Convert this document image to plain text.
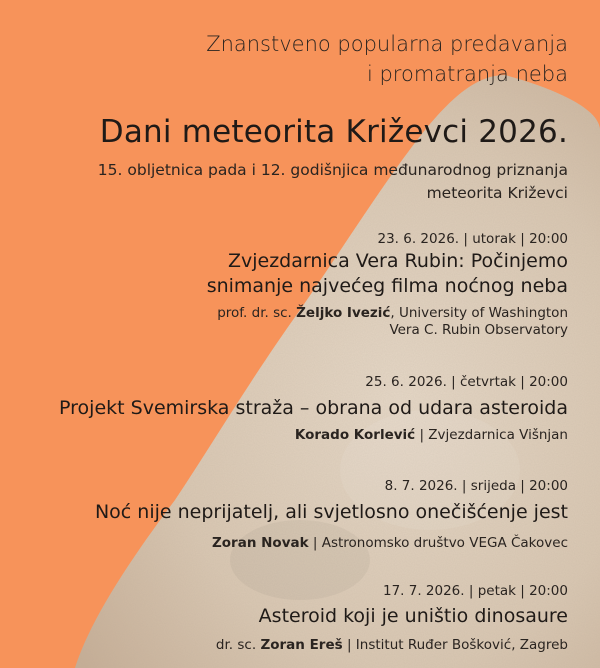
Znanstveno popularna predavanja
i promatranja neba
Dani meteorita Križevci 2026.
15. obljetnica pada i 12. godišnjica međunarodnog priznanja
meteorita Križevci
23. 6. 2026. | utorak | 20:00
Zvjezdarnica Vera Rubin: Počinjemo
snimanje najvećeg filma noćnog neba
prof. dr. sc. Željko Ivezić, University of Washington
Vera C. Rubin Observatory
25. 6. 2026. | četvrtak | 20:00
Projekt Svemirska straža – obrana od udara asteroida
Korado Korlević | Zvjezdarnica Višnjan
8. 7. 2026. | srijeda | 20:00
Noć nije neprijatelj, ali svjetlosno onečišćenje jest
Zoran Novak | Astronomsko društvo VEGA Čakovec
17. 7. 2026. | petak | 20:00
Asteroid koji je uništio dinosaure
dr. sc. Zoran Ereš | Institut Ruđer Bošković, Zagreb
